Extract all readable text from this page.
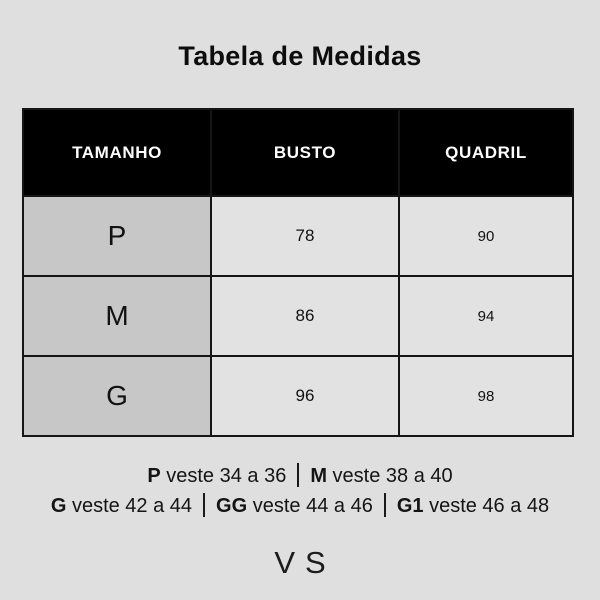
Tabela de Medidas
TAMANHO	BUSTO	QUADRIL
P	78	90
M	86	94
G	96	98
P veste 34 a 36 M veste 38 a 40
G veste 42 a 44 GG veste 44 a 46 G1 veste 46 a 48
VS
